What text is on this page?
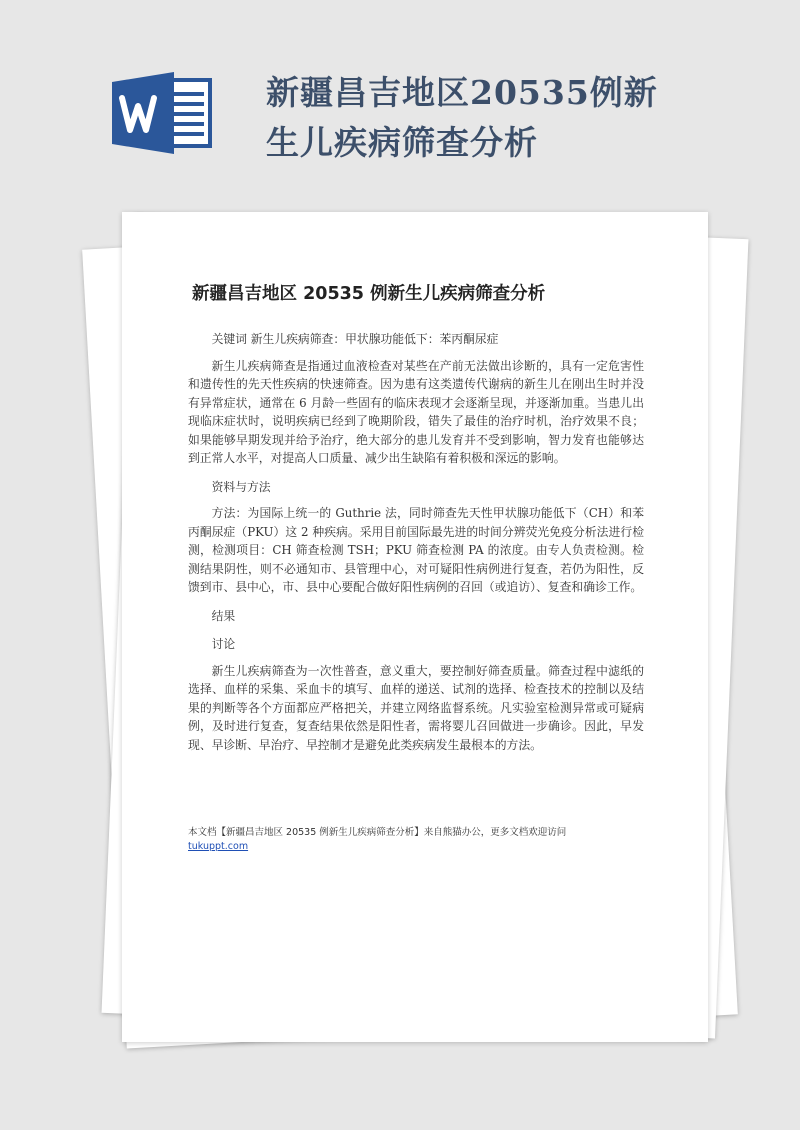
新疆昌吉地区20535例新生儿疾病筛查分析
新疆昌吉地区 20535 例新生儿疾病筛查分析

关键词 新生儿疾病筛查：甲状腺功能低下：苯丙酮尿症

新生儿疾病筛查是指通过血液检查对某些在产前无法做出诊断的，具有一定危害性和遗传性的先天性疾病的快速筛查。因为患有这类遗传代谢病的新生儿在刚出生时并没有异常症状，通常在 6 月龄一些固有的临床表现才会逐渐呈现，并逐渐加重。当患儿出现临床症状时，说明疾病已经到了晚期阶段，错失了最佳的治疗时机，治疗效果不良；如果能够早期发现并给予治疗，绝大部分的患儿发育并不受到影响，智力发育也能够达到正常人水平，对提高人口质量、减少出生缺陷有着积极和深远的影响。

资料与方法

方法：为国际上统一的 Guthrie 法，同时筛查先天性甲状腺功能低下（CH）和苯丙酮尿症（PKU）这 2 种疾病。采用目前国际最先进的时间分辨荧光免疫分析法进行检测，检测项目：CH 筛查检测 TSH；PKU 筛查检测 PA 的浓度。由专人负责检测。检测结果阴性，则不必通知市、县管理中心，对可疑阳性病例进行复查，若仍为阳性，反馈到市、县中心，市、县中心要配合做好阳性病例的召回（或追访）、复查和确诊工作。

结果

讨论

新生儿疾病筛查为一次性普查，意义重大，要控制好筛查质量。筛查过程中滤纸的选择、血样的采集、采血卡的填写、血样的递送、试剂的选择、检查技术的控制以及结果的判断等各个方面都应严格把关，并建立网络监督系统。凡实验室检测异常或可疑病例，及时进行复查，复查结果依然是阳性者，需将婴儿召回做进一步确诊。因此，早发现、早诊断、早治疗、早控制才是避免此类疾病发生最根本的方法。

本文档【新疆昌吉地区 20535 例新生儿疾病筛查分析】来自熊猫办公，更多文档欢迎访问
tukuppt.com
